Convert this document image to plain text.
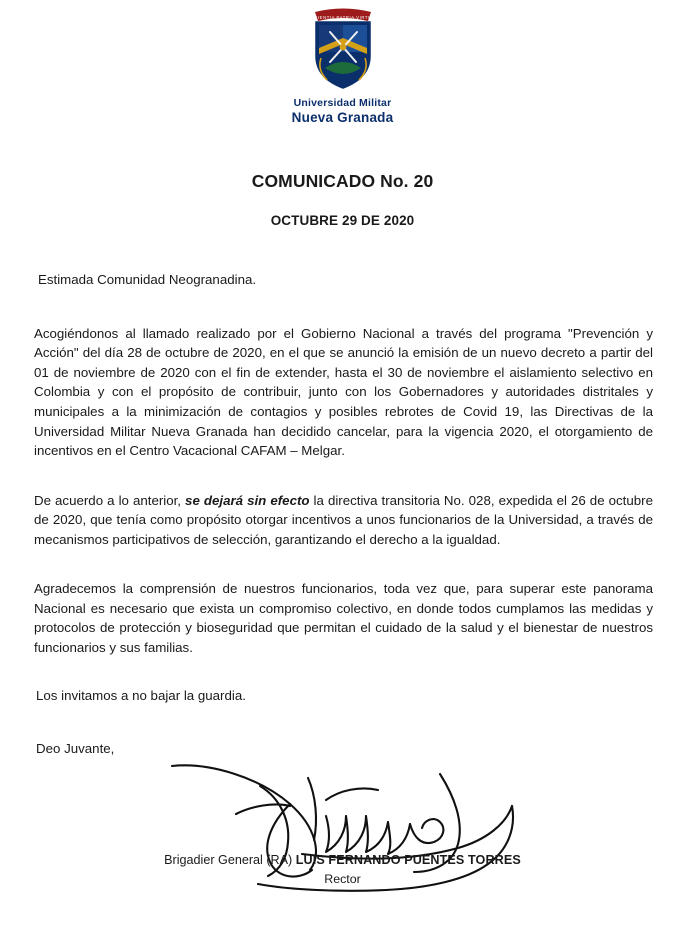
SCIENTIA PATRIA VIRTUS
Universidad Militar
Nueva Granada
COMUNICADO No. 20
OCTUBRE 29 DE 2020
Estimada Comunidad Neogranadina.

Acogiéndonos al llamado realizado por el Gobierno Nacional a través del programa "Prevención y Acción" del día 28 de octubre de 2020, en el que se anunció la emisión de un nuevo decreto a partir del 01 de noviembre de 2020 con el fin de extender, hasta el 30 de noviembre el aislamiento selectivo en Colombia y con el propósito de contribuir, junto con los Gobernadores y autoridades distritales y municipales a la minimización de contagios y posibles rebrotes de Covid 19, las Directivas de la Universidad Militar Nueva Granada han decidido cancelar, para la vigencia 2020, el otorgamiento de incentivos en el Centro Vacacional CAFAM – Melgar.

De acuerdo a lo anterior, se dejará sin efecto la directiva transitoria No. 028, expedida el 26 de octubre de 2020, que tenía como propósito otorgar incentivos a unos funcionarios de la Universidad, a través de mecanismos participativos de selección, garantizando el derecho a la igualdad.

Agradecemos la comprensión de nuestros funcionarios, toda vez que, para superar este panorama Nacional es necesario que exista un compromiso colectivo, en donde todos cumplamos las medidas y protocolos de protección y bioseguridad que permitan el cuidado de la salud y el bienestar de nuestros funcionarios y sus familias.

Los invitamos a no bajar la guardia.
Deo Juvante,
Brigadier General (RA) LUIS FERNANDO PUENTES TORRES
Rector
